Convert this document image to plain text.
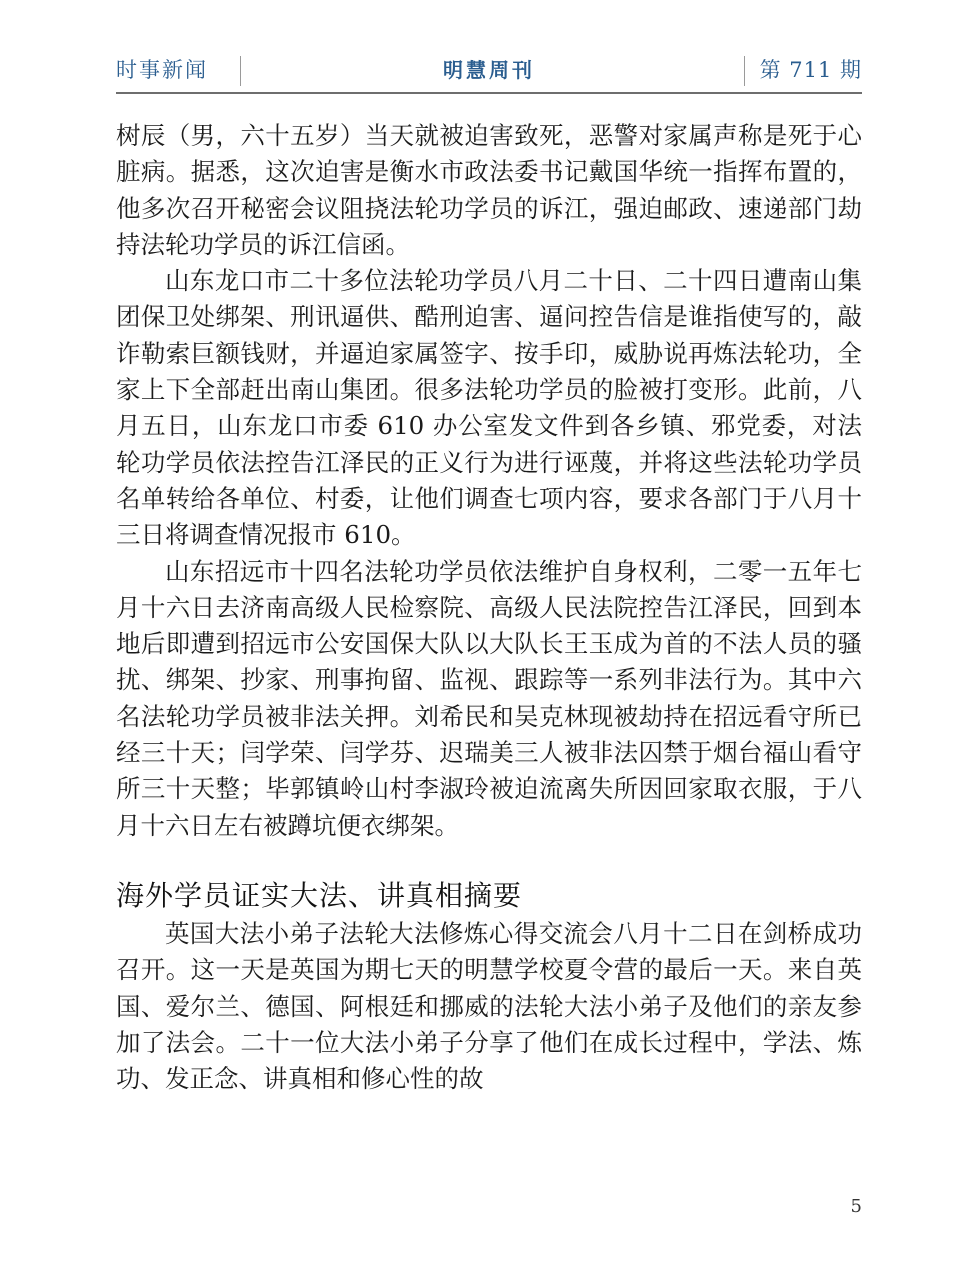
时事新闻	明慧周刊	第 711 期

树辰（男，六十五岁）当天就被迫害致死，恶警对家属声称是死于心脏病。据悉，这次迫害是衡水市政法委书记戴国华统一指挥布置的，他多次召开秘密会议阻挠法轮功学员的诉江，强迫邮政、速递部门劫持法轮功学员的诉江信函。

山东龙口市二十多位法轮功学员八月二十日、二十四日遭南山集团保卫处绑架、刑讯逼供、酷刑迫害、逼问控告信是谁指使写的，敲诈勒索巨额钱财，并逼迫家属签字、按手印，威胁说再炼法轮功，全家上下全部赶出南山集团。很多法轮功学员的脸被打变形。此前，八月五日，山东龙口市委 610 办公室发文件到各乡镇、邪党委，对法轮功学员依法控告江泽民的正义行为进行诬蔑，并将这些法轮功学员名单转给各单位、村委，让他们调查七项内容，要求各部门于八月十三日将调查情况报市 610。

山东招远市十四名法轮功学员依法维护自身权利，二零一五年七月十六日去济南高级人民检察院、高级人民法院控告江泽民，回到本地后即遭到招远市公安国保大队以大队长王玉成为首的不法人员的骚扰、绑架、抄家、刑事拘留、监视、跟踪等一系列非法行为。其中六名法轮功学员被非法关押。刘希民和吴克林现被劫持在招远看守所已经三十天；闫学荣、闫学芬、迟瑞美三人被非法囚禁于烟台福山看守所三十天整；毕郭镇岭山村李淑玲被迫流离失所因回家取衣服，于八月十六日左右被蹲坑便衣绑架。

海外学员证实大法、讲真相摘要

英国大法小弟子法轮大法修炼心得交流会八月十二日在剑桥成功召开。这一天是英国为期七天的明慧学校夏令营的最后一天。来自英国、爱尔兰、德国、阿根廷和挪威的法轮大法小弟子及他们的亲友参加了法会。二十一位大法小弟子分享了他们在成长过程中，学法、炼功、发正念、讲真相和修心性的故

5
